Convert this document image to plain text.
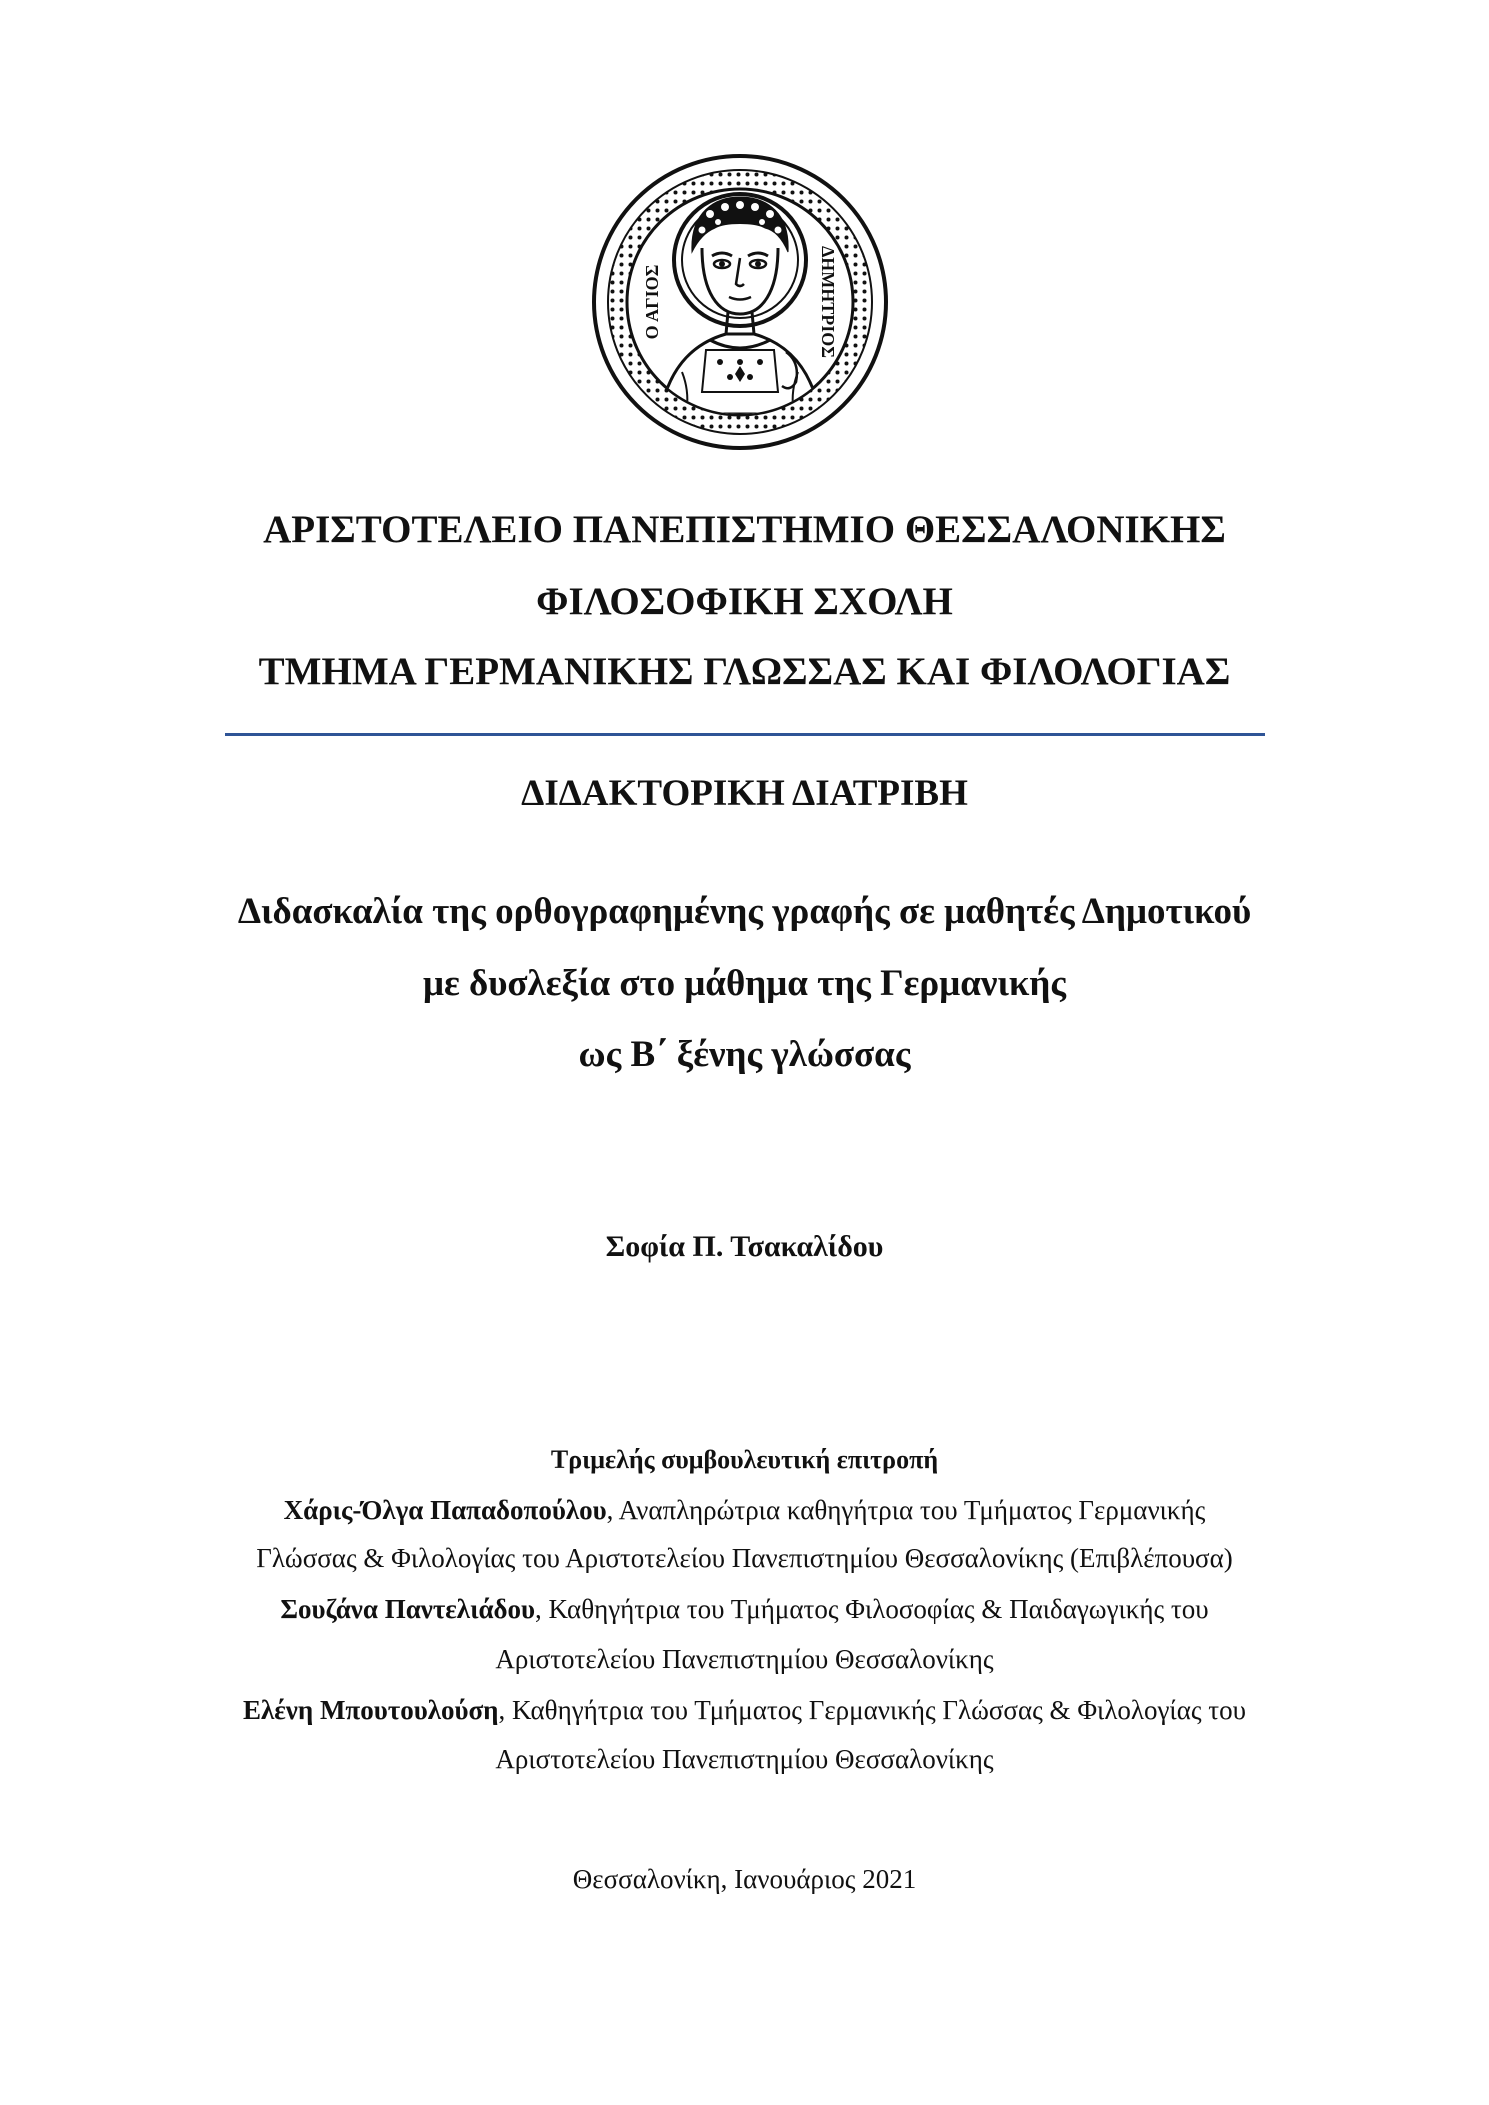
Ο ΑΓΙΟΣ	ΔΗΜΗΤΡΙΟΣ
ΑΡΙΣΤΟΤΕΛΕΙΟ ΠΑΝΕΠΙΣΤΗΜΙΟ ΘΕΣΣΑΛΟΝΙΚΗΣ
ΦΙΛΟΣΟΦΙΚΗ ΣΧΟΛΗ
ΤΜΗΜΑ ΓΕΡΜΑΝΙΚΗΣ ΓΛΩΣΣΑΣ ΚΑΙ ΦΙΛΟΛΟΓΙΑΣ
ΔΙΔΑΚΤΟΡΙΚΗ ΔΙΑΤΡΙΒΗ
Διδασκαλία της ορθογραφημένης γραφής σε μαθητές Δημοτικού
με δυσλεξία στο μάθημα της Γερμανικής
ως Β΄ ξένης γλώσσας
Σοφία Π. Τσακαλίδου
Τριμελής συμβουλευτική επιτροπή
Χάρις-Όλγα Παπαδοπούλου, Αναπληρώτρια καθηγήτρια του Τμήματος Γερμανικής
Γλώσσας & Φιλολογίας του Αριστοτελείου Πανεπιστημίου Θεσσαλονίκης (Επιβλέπουσα)
Σουζάνα Παντελιάδου, Καθηγήτρια του Τμήματος Φιλοσοφίας & Παιδαγωγικής του
Αριστοτελείου Πανεπιστημίου Θεσσαλονίκης
Ελένη Μπουτουλούση, Καθηγήτρια του Τμήματος Γερμανικής Γλώσσας & Φιλολογίας του
Αριστοτελείου Πανεπιστημίου Θεσσαλονίκης
Θεσσαλονίκη, Ιανουάριος 2021
